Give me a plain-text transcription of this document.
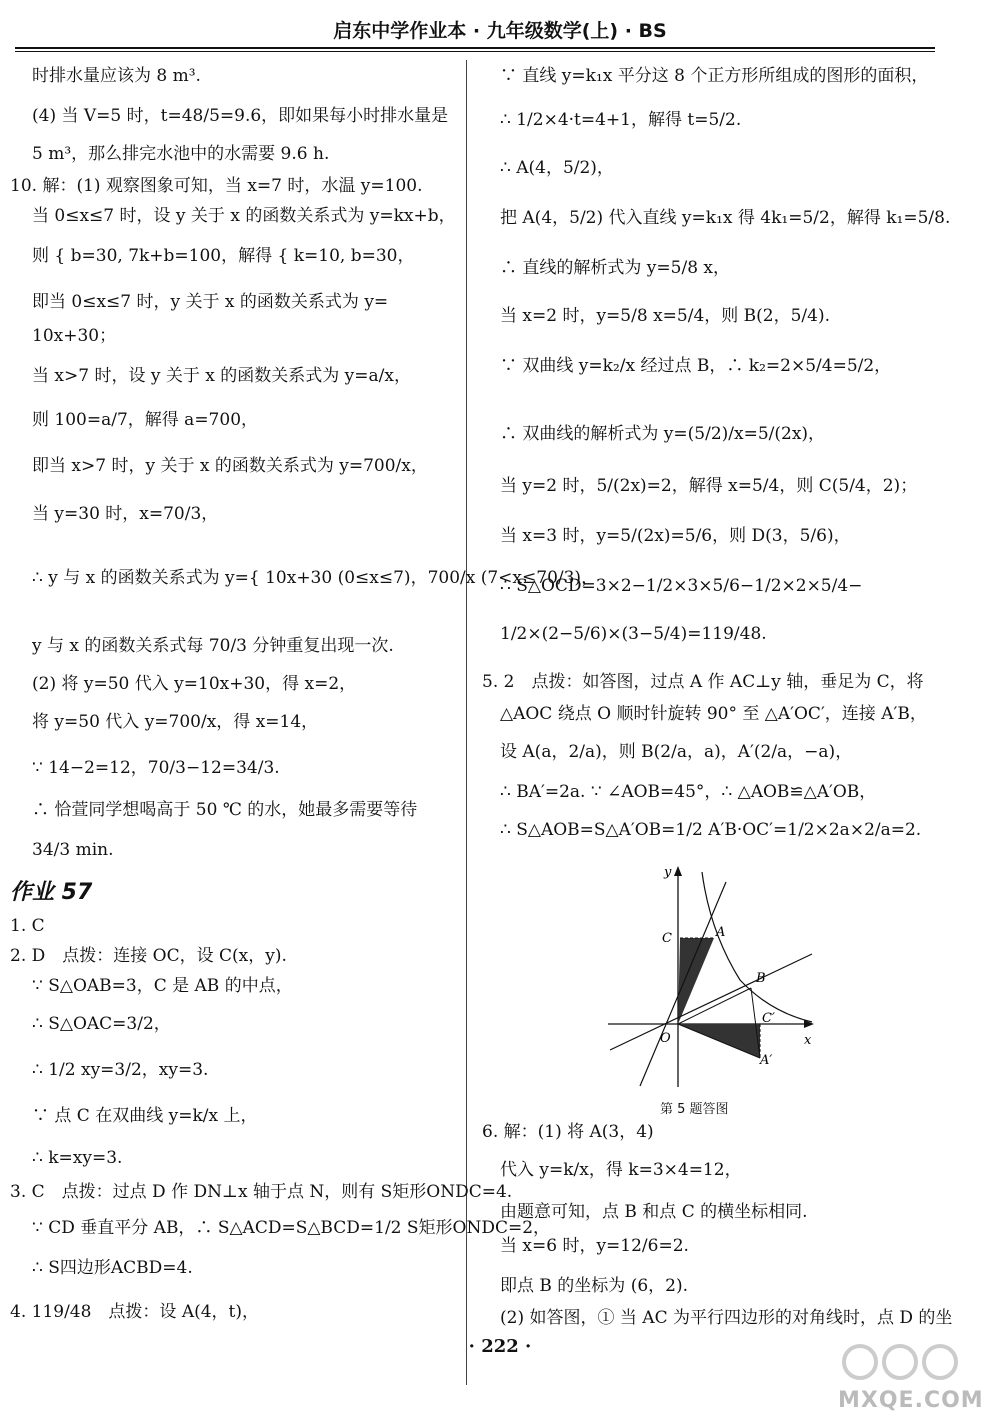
启东中学作业本 · 九年级数学(上) · BS
时排水量应该为 8 m³.
(4) 当 V=5 时，t=48/5=9.6，即如果每小时排水量是
5 m³，那么排完水池中的水需要 9.6 h.
10. 解：(1) 观察图象可知，当 x=7 时，水温 y=100.
当 0≤x≤7 时，设 y 关于 x 的函数关系式为 y=kx+b，
则 { b=30, 7k+b=100，解得 { k=10, b=30，
即当 0≤x≤7 时，y 关于 x 的函数关系式为 y=
10x+30；
当 x>7 时，设 y 关于 x 的函数关系式为 y=a/x，
则 100=a/7，解得 a=700，
即当 x>7 时，y 关于 x 的函数关系式为 y=700/x，
当 y=30 时，x=70/3，
∴ y 与 x 的函数关系式为 y={ 10x+30 (0≤x≤7)，700/x (7<x≤70/3)，
y 与 x 的函数关系式每 70/3 分钟重复出现一次.
(2) 将 y=50 代入 y=10x+30，得 x=2，
将 y=50 代入 y=700/x，得 x=14，
∵ 14−2=12，70/3−12=34/3.
∴ 恰萱同学想喝高于 50 ℃ 的水，她最多需要等待
34/3 min.
作业 57
1. C
2. D　点拨：连接 OC，设 C(x，y).
∵ S△OAB=3，C 是 AB 的中点，
∴ S△OAC=3/2，
∴ 1/2 xy=3/2，xy=3.
∵ 点 C 在双曲线 y=k/x 上，
∴ k=xy=3.
3. C　点拨：过点 D 作 DN⊥x 轴于点 N，则有 S矩形ONDC=4.
∵ CD 垂直平分 AB，∴ S△ACD=S△BCD=1/2 S矩形ONDC=2，
∴ S四边形ACBD=4.
4. 119/48　点拨：设 A(4，t)，
∵ 直线 y=k₁x 平分这 8 个正方形所组成的图形的面积，
∴ 1/2×4·t=4+1，解得 t=5/2.
∴ A(4，5/2)，
把 A(4，5/2) 代入直线 y=k₁x 得 4k₁=5/2，解得 k₁=5/8.
∴ 直线的解析式为 y=5/8 x，
当 x=2 时，y=5/8 x=5/4，则 B(2，5/4).
∵ 双曲线 y=k₂/x 经过点 B，∴ k₂=2×5/4=5/2，
∴ 双曲线的解析式为 y=(5/2)/x=5/(2x)，
当 y=2 时，5/(2x)=2，解得 x=5/4，则 C(5/4，2)；
当 x=3 时，y=5/(2x)=5/6，则 D(3，5/6)，
∴ S△OCD=3×2−1/2×3×5/6−1/2×2×5/4−
1/2×(2−5/6)×(3−5/4)=119/48.
5. 2　点拨：如答图，过点 A 作 AC⊥y 轴，垂足为 C，将
△AOC 绕点 O 顺时针旋转 90° 至 △A′OC′，连接 A′B，
设 A(a，2/a)，则 B(2/a，a)，A′(2/a，−a)，
∴ BA′=2a. ∵ ∠AOB=45°，∴ △AOB≌△A′OB，
∴ S△AOB=S△A′OB=1/2 A′B·OC′=1/2×2a×2/a=2.
6. 解：(1) 将 A(3，4)
代入 y=k/x，得 k=3×4=12，
由题意可知，点 B 和点 C 的横坐标相同.
当 x=6 时，y=12/6=2.
即点 B 的坐标为 (6，2).
(2) 如答图，① 当 AC 为平行四边形的对角线时，点 D 的坐
y
x
O
A
C
B
C′
A′
第 5 题答图
· 222 ·
MXQE.COM
